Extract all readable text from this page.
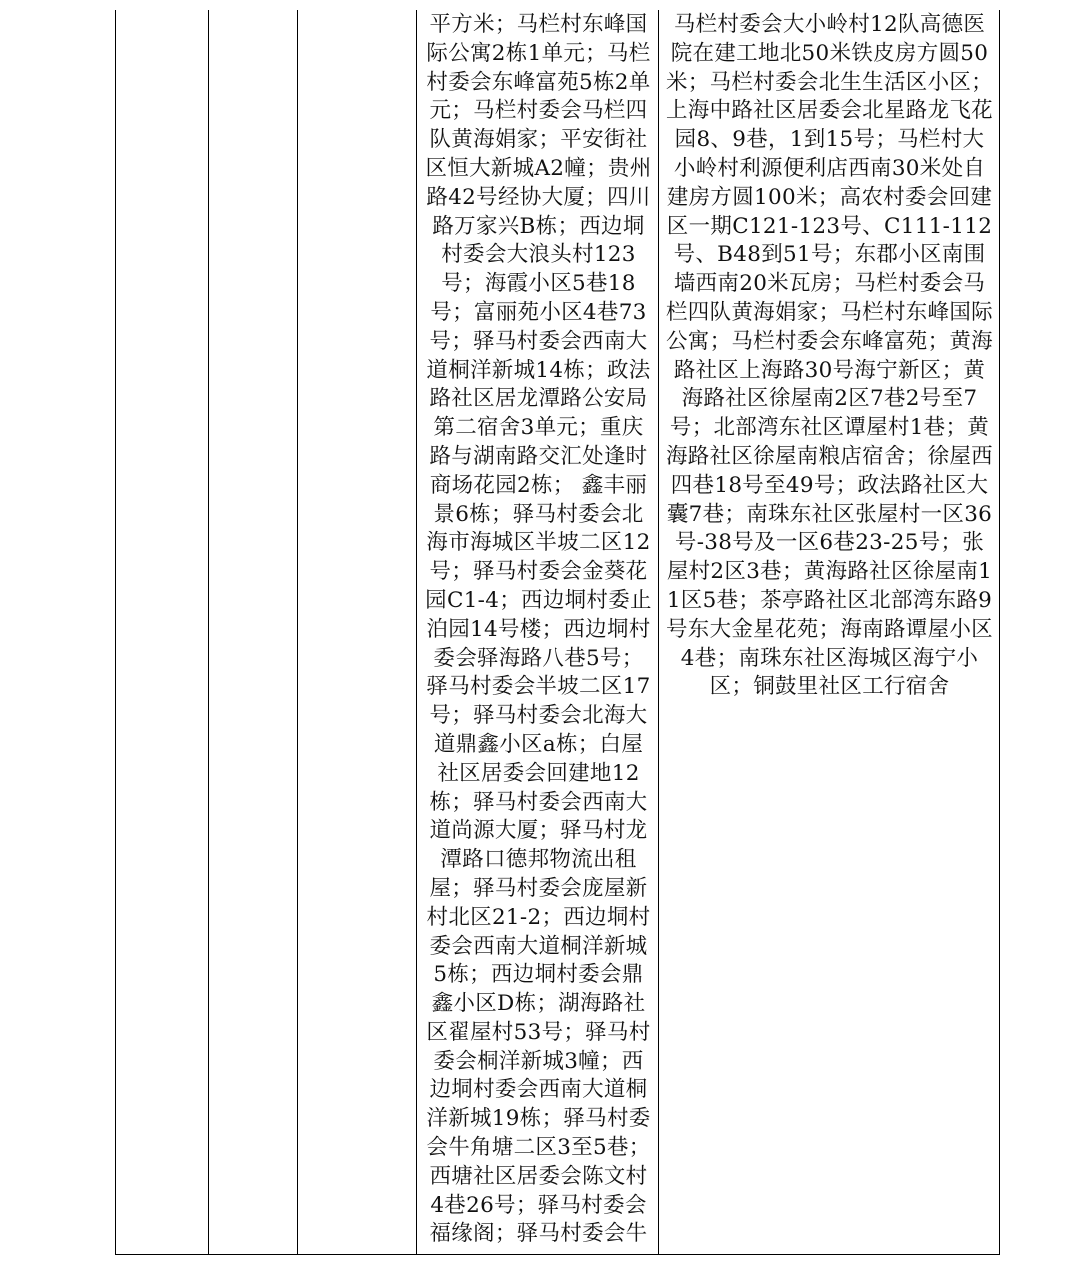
平方米；马栏村东峰国际公寓2栋1单元；马栏村委会东峰富苑5栋2单元；马栏村委会马栏四队黄海娟家；平安街社区恒大新城A2幢；贵州路42号经协大厦；四川路万家兴B栋；西边垌村委会大浪头村123号；海霞小区5巷18号；富丽苑小区4巷73号；驿马村委会西南大道桐洋新城14栋；政法路社区居龙潭路公安局第二宿舍3单元；重庆路与湖南路交汇处逢时商场花园2栋； 鑫丰丽景6栋；驿马村委会北海市海城区半坡二区12号；驿马村委会金葵花园C1-4；西边垌村委止泊园14号楼；西边垌村委会驿海路八巷5号；驿马村委会半坡二区17号；驿马村委会北海大道鼎鑫小区a栋；白屋社区居委会回建地12栋；驿马村委会西南大道尚源大厦；驿马村龙潭路口德邦物流出租屋；驿马村委会庞屋新村北区21-2；西边垌村委会西南大道桐洋新城5栋；西边垌村委会鼎鑫小区D栋；湖海路社区翟屋村53号；驿马村委会桐洋新城3幢；西边垌村委会西南大道桐洋新城19栋；驿马村委会牛角塘二区3至5巷；西塘社区居委会陈文村4巷26号；驿马村委会福缘阁；驿马村委会牛
马栏村委会大小岭村12队高德医院在建工地北50米铁皮房方圆50米；马栏村委会北生生活区小区；上海中路社区居委会北星路龙飞花园8、9巷，1到15号；马栏村大小岭村利源便利店西南30米处自建房方圆100米；高农村委会回建区一期C121-123号、C111-112号、B48到51号；东郡小区南围墙西南20米瓦房；马栏村委会马栏四队黄海娟家；马栏村东峰国际公寓；马栏村委会东峰富苑；黄海路社区上海路30号海宁新区；黄海路社区徐屋南2区7巷2号至7号；北部湾东社区谭屋村1巷；黄海路社区徐屋南粮店宿舍；徐屋西四巷18号至49号；政法路社区大囊7巷；南珠东社区张屋村一区36号-38号及一区6巷23-25号；张屋村2区3巷；黄海路社区徐屋南11区5巷；茶亭路社区北部湾东路9号东大金星花苑；海南路谭屋小区4巷；南珠东社区海城区海宁小区；铜鼓里社区工行宿舍
